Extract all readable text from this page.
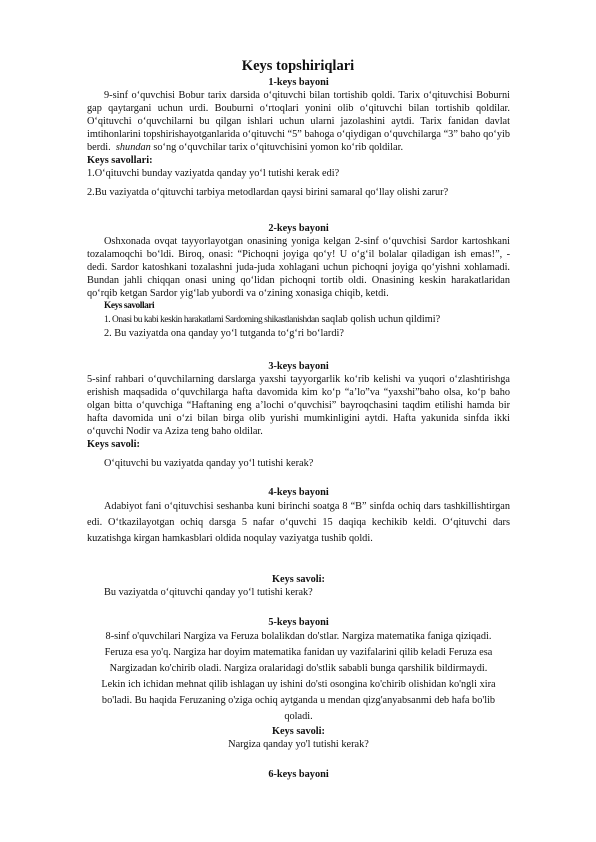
Keys topshiriqlari

1-keys bayoni

9-sinf o‘quvchisi Bobur tarix darsida o‘qituvchi bilan tortishib qoldi. Tarix o‘qituvchisi Boburni gap qaytargani uchun urdi. Bouburni o‘rtoqlari yonini olib o‘qituvchi bilan tortishib qoldilar. O‘qituvchi o‘quvchilarni bu qilgan ishlari uchun ularni jazolashini aytdi. Tarix fanidan davlat imtihonlarini topshirishayotganlarida o‘qituvchi “5” bahoga o‘qiydigan o‘quvchilarga “3” baho qo‘yib berdi. shundan so‘ng o‘quvchilar tarix o‘qituvchisini yomon ko‘rib qoldilar.

Keys savollari:

1.O‘qituvchi bunday vaziyatda qanday yo‘l tutishi kerak edi?

2.Bu vaziyatda o‘qituvchi tarbiya metodlardan qaysi birini samaral qo‘llay olishi zarur?

2-keys bayoni

Oshxonada ovqat tayyorlayotgan onasining yoniga kelgan 2-sinf o‘quvchisi Sardor kartoshkani tozalamoqchi bo‘ldi. Biroq, onasi: “Pichoqni joyiga qo‘y! U o‘g‘il bolalar qiladigan ish emas!”, - dedi. Sardor katoshkani tozalashni juda-juda xohlagani uchun pichoqni joyiga qo‘yishni xohlamadi. Bundan jahli chiqqan onasi uning qo‘lidan pichoqni tortib oldi. Onasining keskin harakatlaridan qo‘rqib ketgan Sardor yig‘lab yubordi va o‘zining xonasiga chiqib, ketdi.

Keys savollari

1. Onasi bu kabi keskin harakatlarni Sardorning shikastlanishdan saqlab qolish uchun qildimi?

2. Bu vaziyatda ona qanday yo‘l tutganda to‘g‘ri bo‘lardi?

3-keys bayoni

5-sinf rahbari o‘quvchilarning darslarga yaxshi tayyorgarlik ko‘rib kelishi va yuqori o‘zlashtirishga erishish maqsadida o‘quvchilarga hafta davomida kim ko‘p “a’lo”va “yaxshi”baho olsa, ko‘p baho olgan bitta o‘quvchiga “Haftaning eng a’lochi o‘quvchisi” bayroqchasini taqdim etilishi hamda bir hafta davomida uni o‘zi bilan birga olib yurishi mumkinligini aytdi. Hafta yakunida sinfda ikki o‘quvchi Nodir va Aziza teng baho oldilar.

Keys savoli:

O‘qituvchi bu vaziyatda qanday yo‘l tutishi kerak?

4-keys bayoni

Adabiyot fani o‘qituvchisi seshanba kuni birinchi soatga 8 “B” sinfda ochiq dars tashkillishtirgan edi. O‘tkazilayotgan ochiq darsga 5 nafar o‘quvchi 15 daqiqa kechikib keldi. O‘qituvchi dars kuzatishga kirgan hamkasblari oldida noqulay vaziyatga tushib qoldi.

Keys savoli:

Bu vaziyatda o‘qituvchi qanday yo‘l tutishi kerak?

5-keys bayoni

8-sinf o'quvchilari Nargiza va Feruza bolalikdan do'stlar. Nargiza matematika faniga qiziqadi. Feruza esa yo'q. Nargiza har doyim matematika fanidan uy vazifalarini qilib keladi Feruza esa Nargizadan ko'chirib oladi. Nargiza oralaridagi do'stlik sababli bunga qarshilik bildirmaydi. Lekin ich ichidan mehnat qilib ishlagan uy ishini do'sti osongina ko'chirib olishidan ko'ngli xira bo'ladi. Bu haqida Feruzaning o'ziga ochiq aytganda u mendan qizg'anyabsanmi deb hafa bo'lib qoladi.

Keys savoli:

Nargiza qanday yo'l tutishi kerak?

6-keys bayoni
